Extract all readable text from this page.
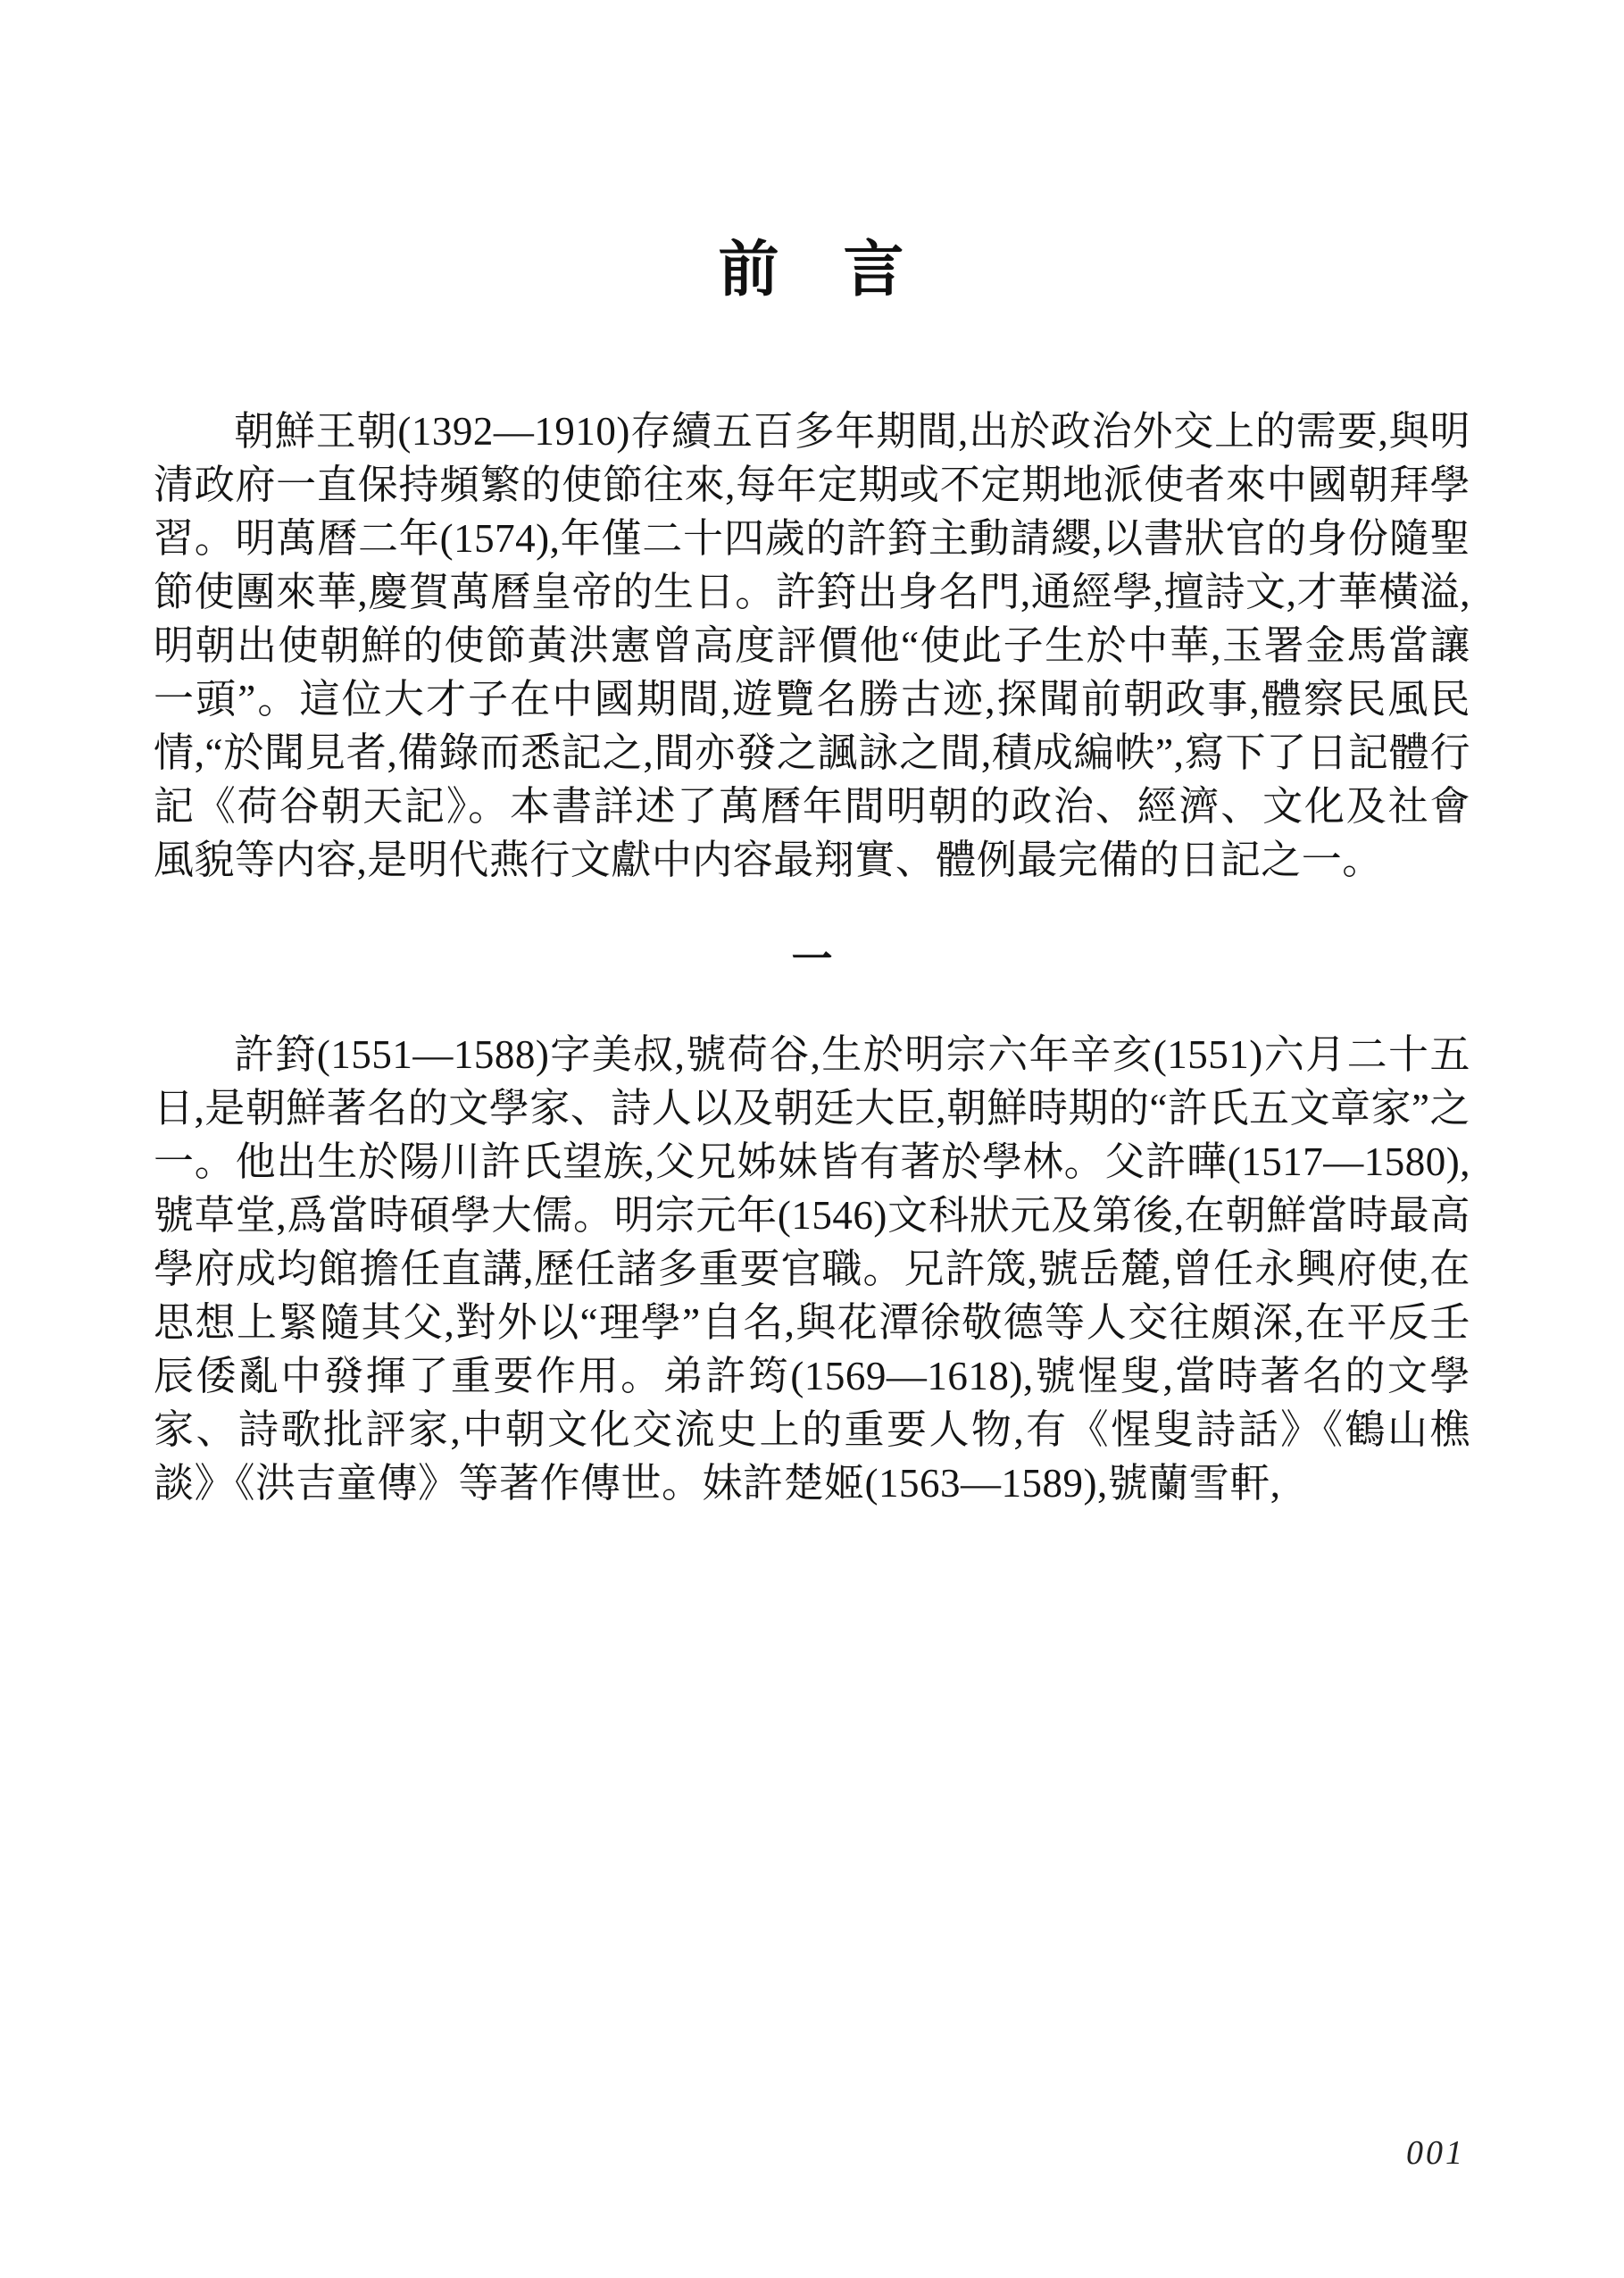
前　言

朝鮮王朝(1392—1910)存續五百多年期間,出於政治外交上的需要,與明清政府一直保持頻繁的使節往來,每年定期或不定期地派使者來中國朝拜學習。明萬曆二年(1574),年僅二十四歲的許篈主動請纓,以書狀官的身份隨聖節使團來華,慶賀萬曆皇帝的生日。許篈出身名門,通經學,擅詩文,才華橫溢,明朝出使朝鮮的使節黃洪憲曾高度評價他“使此子生於中華,玉署金馬當讓一頭”。這位大才子在中國期間,遊覽名勝古迹,探聞前朝政事,體察民風民情,“於聞見者,備錄而悉記之,間亦發之諷詠之間,積成編帙”,寫下了日記體行記《荷谷朝天記》。本書詳述了萬曆年間明朝的政治、經濟、文化及社會風貌等内容,是明代燕行文獻中内容最翔實、體例最完備的日記之一。

一

許篈(1551—1588)字美叔,號荷谷,生於明宗六年辛亥(1551)六月二十五日,是朝鮮著名的文學家、詩人以及朝廷大臣,朝鮮時期的“許氏五文章家”之一。他出生於陽川許氏望族,父兄姊妹皆有著於學林。父許曄(1517—1580),號草堂,爲當時碩學大儒。明宗元年(1546)文科狀元及第後,在朝鮮當時最高學府成均館擔任直講,歷任諸多重要官職。兄許筬,號岳麓,曾任永興府使,在思想上緊隨其父,對外以“理學”自名,與花潭徐敬德等人交往頗深,在平反壬辰倭亂中發揮了重要作用。弟許筠(1569—1618),號惺叟,當時著名的文學家、詩歌批評家,中朝文化交流史上的重要人物,有《惺叟詩話》《鶴山樵談》《洪吉童傳》等著作傳世。妹許楚姬(1563—1589),號蘭雪軒,

001
